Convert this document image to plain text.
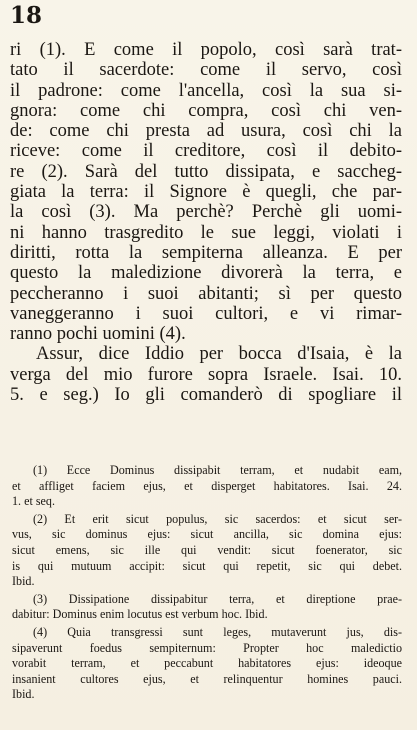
18
ri (1). E come il popolo, così sarà trat-
tato il sacerdote: come il servo, così
il padrone: come l'ancella, così la sua si-
gnora: come chi compra, così chi ven-
de: come chi presta ad usura, così chi la
riceve: come il creditore, così il debito-
re (2). Sarà del tutto dissipata, e saccheg-
giata la terra: il Signore è quegli, che par-
la così (3). Ma perchè? Perchè gli uomi-
ni hanno trasgredito le sue leggi, violati i
diritti, rotta la sempiterna alleanza. E per
questo la maledizione divorerà la terra, e
peccheranno i suoi abitanti; sì per questo
vaneggeranno i suoi cultori, e vi rimar-
ranno pochi uomini (4).
Assur, dice Iddio per bocca d'Isaia, è la
verga del mio furore sopra Israele. Isai. 10.
5. e seg.) Io gli comanderò di spogliare il
(1) Ecce Dominus dissipabit terram, et nudabit eam,
et affliget faciem ejus, et disperget habitatores. Isai. 24.
1. et seq.
(2) Et erit sicut populus, sic sacerdos: et sicut ser-
vus, sic dominus ejus: sicut ancilla, sic domina ejus:
sicut emens, sic ille qui vendit: sicut foenerator, sic
is qui mutuum accipit: sicut qui repetit, sic qui debet.
Ibid.
(3) Dissipatione dissipabitur terra, et direptione prae-
dabitur: Dominus enim locutus est verbum hoc. Ibid.
(4) Quia transgressi sunt leges, mutaverunt jus, dis-
sipaverunt foedus sempiternum: Propter hoc maledictio
vorabit terram, et peccabunt habitatores ejus: ideoque
insanient cultores ejus, et relinquentur homines pauci.
Ibid.
